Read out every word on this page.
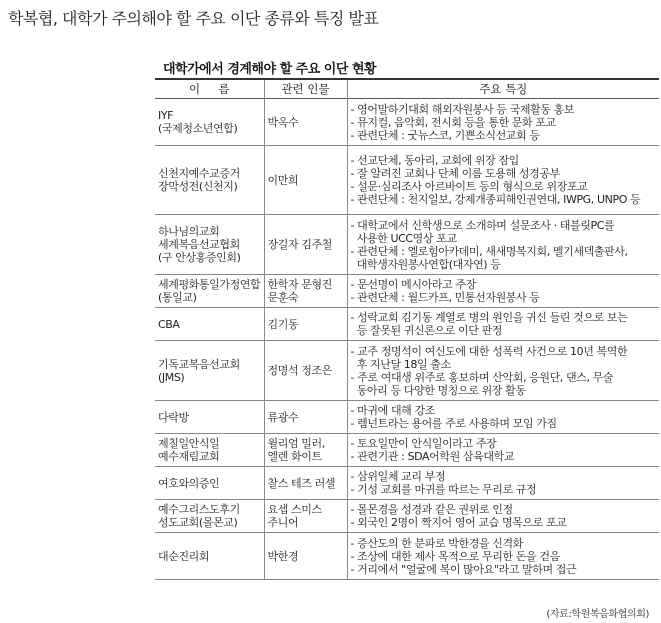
학복협, 대학가 주의해야 할 주요 이단 종류와 특징 발표
대학가에서 경계해야 할 주요 이단 현황
이     름	관련 인물	주요 특징

IYF
(국제청소년연합)	박옥수	- 영어말하기대회 해외자원봉사 등 국제활동 홍보
- 뮤지컬, 음악회, 전시회 등을 통한 문화 포교
- 관련단체 : 굿뉴스코, 기쁜소식선교회 등

신천지예수교증거
장막성전(신천지)	이만희	- 선교단체, 동아리, 교회에 위장 잠입
- 잘 알려진 교회나 단체 이름 도용해 성경공부
- 설문·심리조사 아르바이트 등의 형식으로 위장포교
- 관련단체 : 천지일보, 강제개종피해인권연대, IWPG, UNPO 등

하나님의교회
세계복음선교협회
(구 안상홍증인회)	장길자 김주철	- 대학교에서 신학생으로 소개하며 설문조사 · 태블릿PC를
사용한 UCC영상 포교
- 관련단체 : 엘로힘아카데미, 새새명복지회, 멜기세덱출판사,
대학생자원봉사연합(대자연) 등

세계평화통일가정연합
(통일교)	한학자 문형진
문훈숙	- 문선명이 메시아라고 주장
- 관련단체 : 월드카프, 민통선자원봉사 등

CBA	김기동	- 성락교회 김기동 계열로 병의 원인을 귀신 들린 것으로 보는
등 잘못된 귀신론으로 이단 판정

기독교복음선교회
(JMS)	정명석 정조은	- 교주 정명석이 여신도에 대한 성폭력 사건으로 10년 복역한
후 지난달 18일 출소
- 주로 여대생 위주로 홍보하며 산악회, 응원단, 댄스, 무술
동아리 등 다양한 명칭으로 위장 활동

다락방	류광수	- 마귀에 대해 강조
- 렘넌트라는 용어를 주로 사용하며 모임 가짐

제칠일안식일
예수재림교회	윌리엄 밀러,
엘렌 화이트	- 토요일만이 안식일이라고 주장
- 관련기관 : SDA어학원 삼육대학교

여호와의증인	찰스 테즈 러셀	- 삼위일체 교리 부정
- 기성 교회를 마귀를 따르는 무리로 규정

예수그리스도후기
성도교회(몰몬교)	요셉 스미스
주니어	- 몰몬경을 성경과 같은 권위로 인정
- 외국인 2명이 짝지어 영어 교습 명목으로 포교

대순진리회	박한경	- 증산도의 한 분파로 박한경을 신격화
- 조상에 대한 제사 목적으로 무리한 돈을 걷음
- 거리에서 "얼굴에 복이 많아요"라고 말하며 접근
(자료:학원복음화협의회)
